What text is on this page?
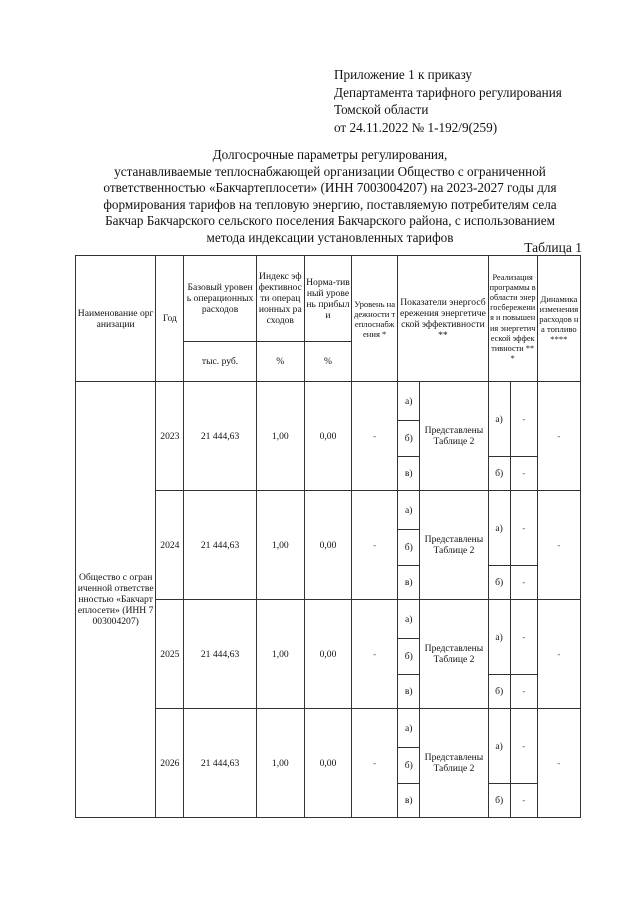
Приложение 1 к приказу
Департамента тарифного регулирования
Томской области
от 24.11.2022 № 1-192/9(259)
Долгосрочные параметры регулирования,
устанавливаемые теплоснабжающей организации Общество с ограниченной
ответственностью «Бакчартеплосети» (ИНН 7003004207) на 2023-2027 годы для
формирования тарифов на тепловую энергию, поставляемую потребителям села
Бакчар Бакчарского сельского поселения Бакчарского района, с использованием
метода индексации установленных тарифов
Таблица 1
Наименование организации	Год	Базовый уровень операционных расходов	Индекс эффективности операционных расходов	Норма-тивный уровень прибыли	Уровень надежности теплоснабжения *	Показатели энергосбережения энергетической эффективности **		Реализация программы в области энергосбережения и повышения энергетической эффективности ***		Динамика изменения расходов на топливо ****
		тыс. руб.	%	%						
Общество с ограниченной ответственностью «Бакчартеплосети» (ИНН 7003004207)	2023	21 444,63	1,00	0,00	-	а)	Представлены Таблице 2	а)	-	-
						б)				
						в)		б)	-	
	2024	21 444,63	1,00	0,00	-	а)	Представлены Таблице 2	а)	-	-
						б)				
						в)		б)	-	
	2025	21 444,63	1,00	0,00	-	а)	Представлены Таблице 2	а)	-	-
						б)				
						в)		б)	-	
	2026	21 444,63	1,00	0,00	-	а)	Представлены Таблице 2	а)	-	-
						б)				
						в)		б)	-	
